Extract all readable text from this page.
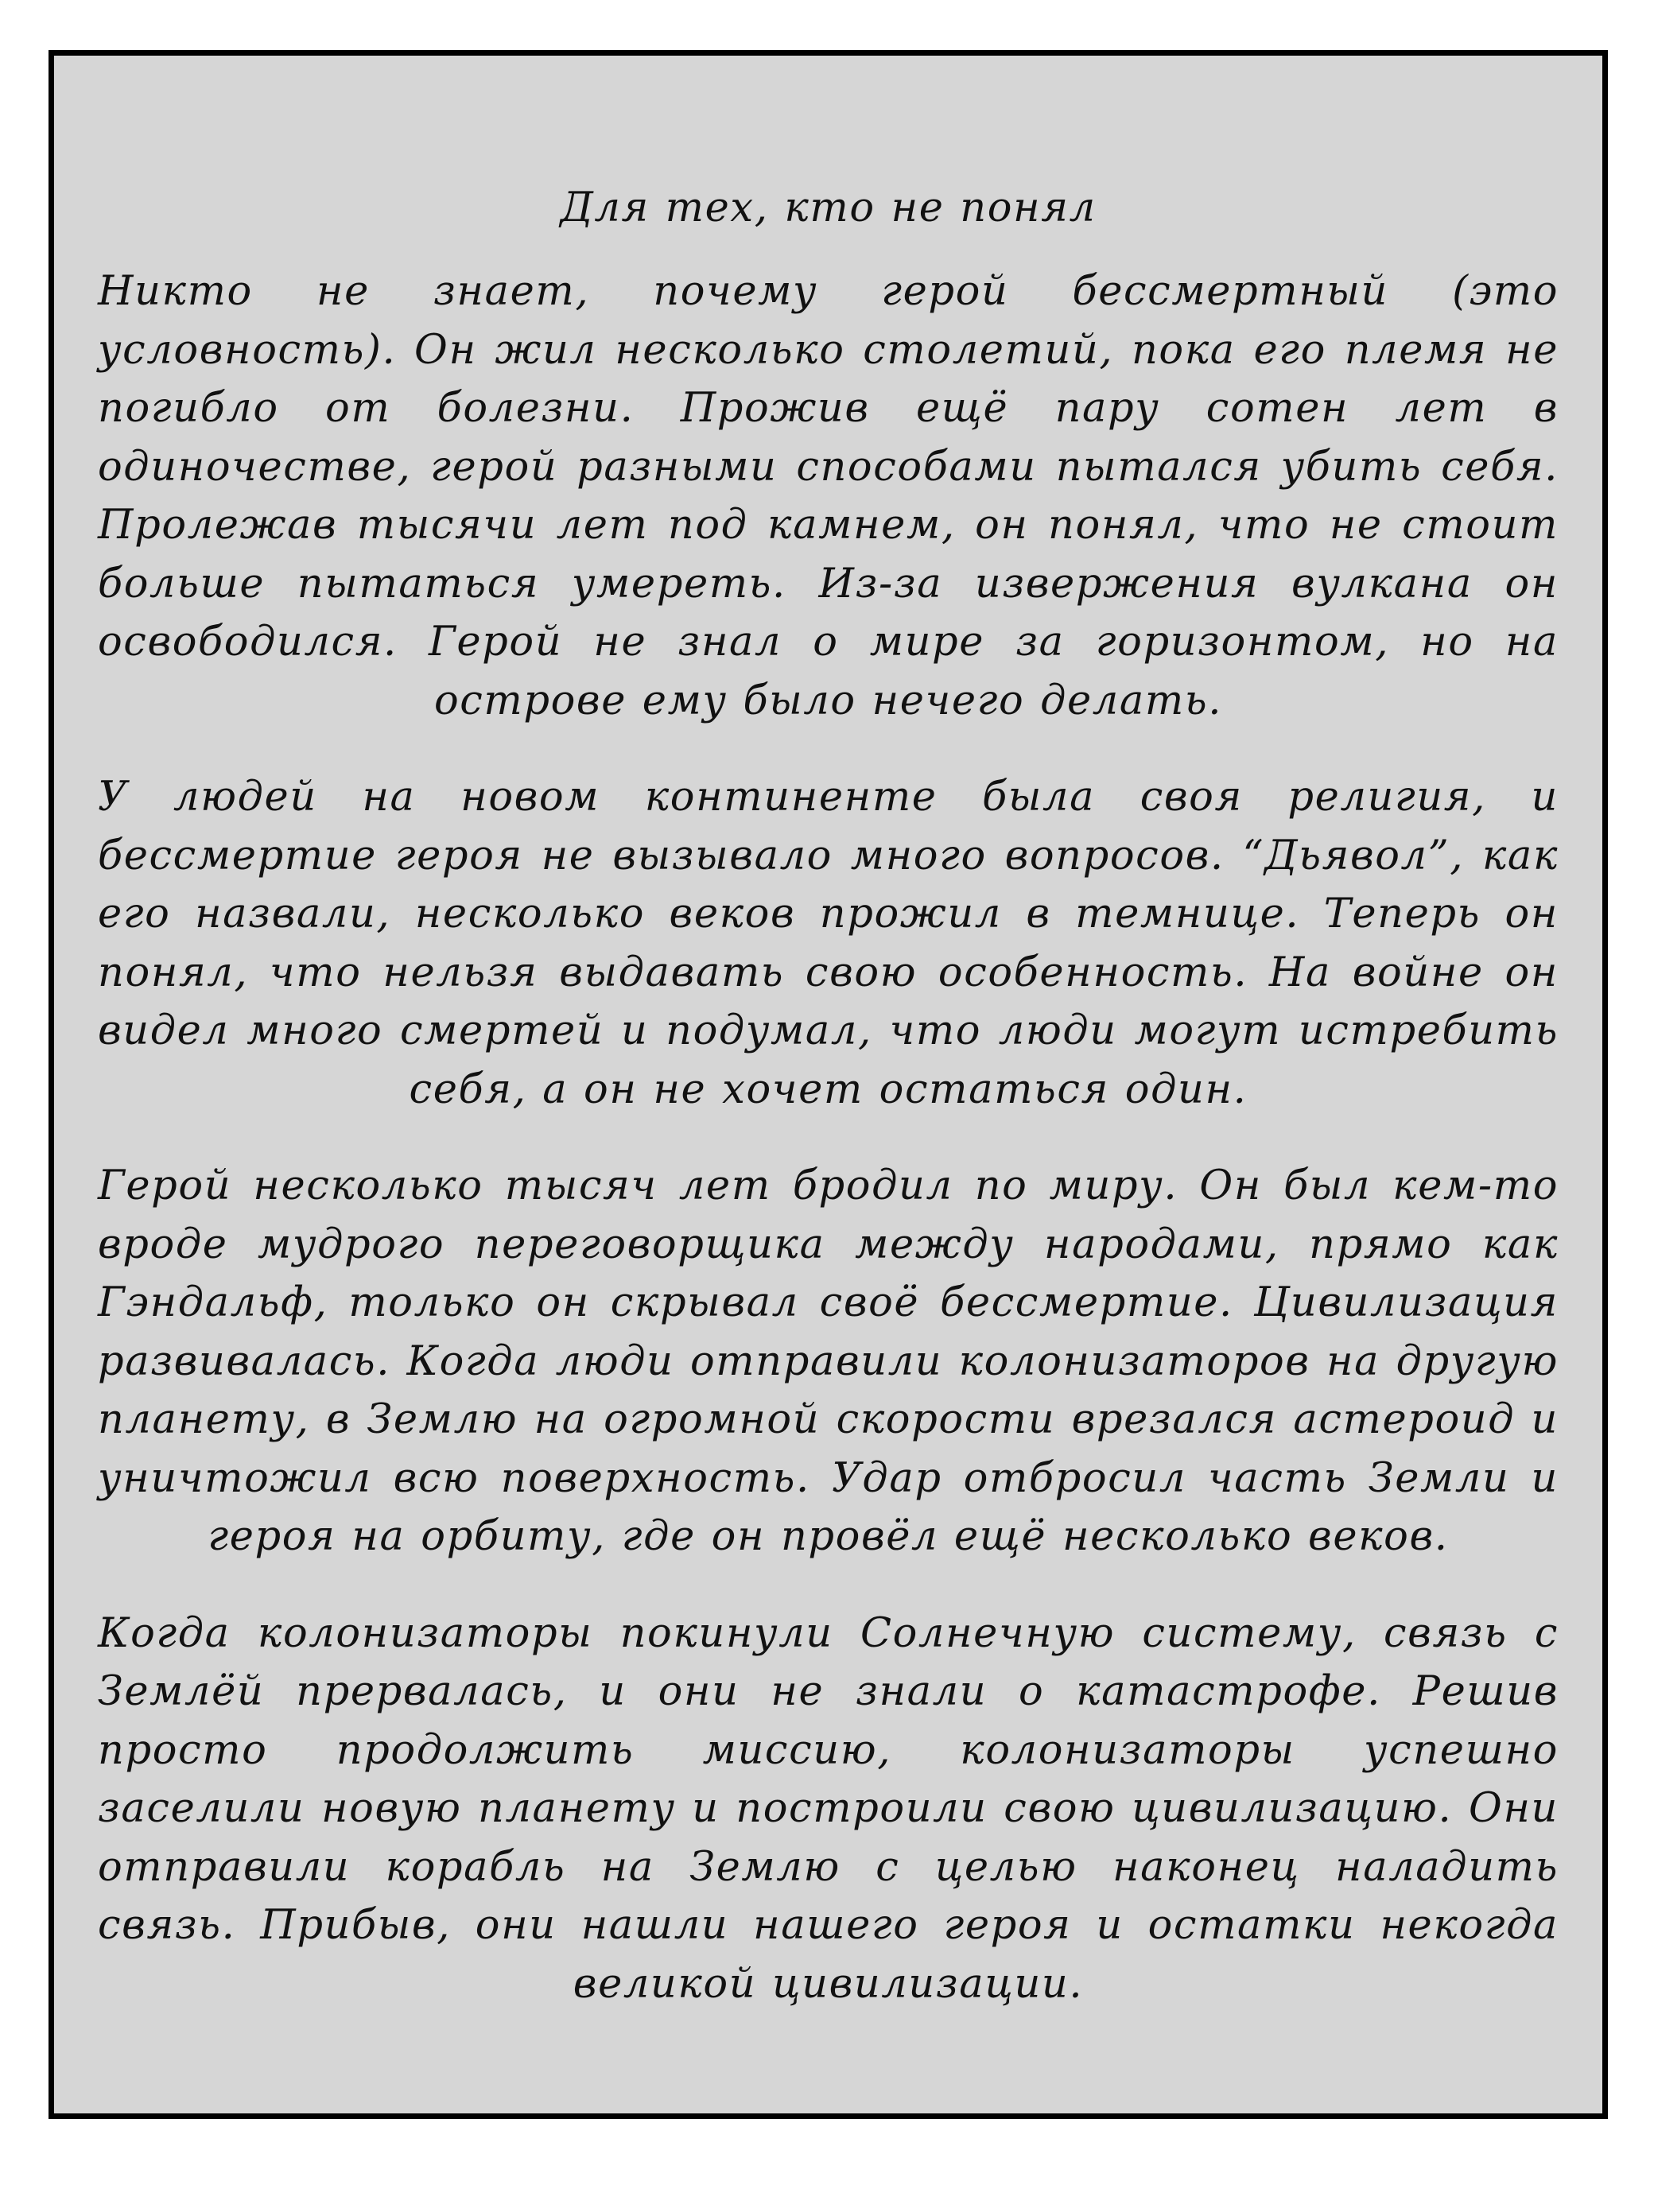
Для тех, кто не понял

Никто не знает, почему герой бессмертный (это условность). Он жил несколько столетий, пока его племя не погибло от болезни. Прожив ещё пару сотен лет в одиночестве, герой разными способами пытался убить себя. Пролежав тысячи лет под камнем, он понял, что не стоит больше пытаться умереть. Из-за извержения вулкана он освободился. Герой не знал о мире за горизонтом, но на острове ему было нечего делать.

У людей на новом континенте была своя религия, и бессмертие героя не вызывало много вопросов. “Дьявол”, как его назвали, несколько веков прожил в темнице. Теперь он понял, что нельзя выдавать свою особенность. На войне он видел много смертей и подумал, что люди могут истребить себя, а он не хочет остаться один.

Герой несколько тысяч лет бродил по миру. Он был кем-то вроде мудрого переговорщика между народами, прямо как Гэндальф, только он скрывал своё бессмертие. Цивилизация развивалась. Когда люди отправили колонизаторов на другую планету, в Землю на огромной скорости врезался астероид и уничтожил всю поверхность. Удар отбросил часть Земли и героя на орбиту, где он провёл ещё несколько веков.

Когда колонизаторы покинули Солнечную систему, связь с Землёй прервалась, и они не знали о катастрофе. Решив просто продолжить миссию, колонизаторы успешно заселили новую планету и построили свою цивилизацию. Они отправили корабль на Землю с целью наконец наладить связь. Прибыв, они нашли нашего героя и остатки некогда великой цивилизации.
